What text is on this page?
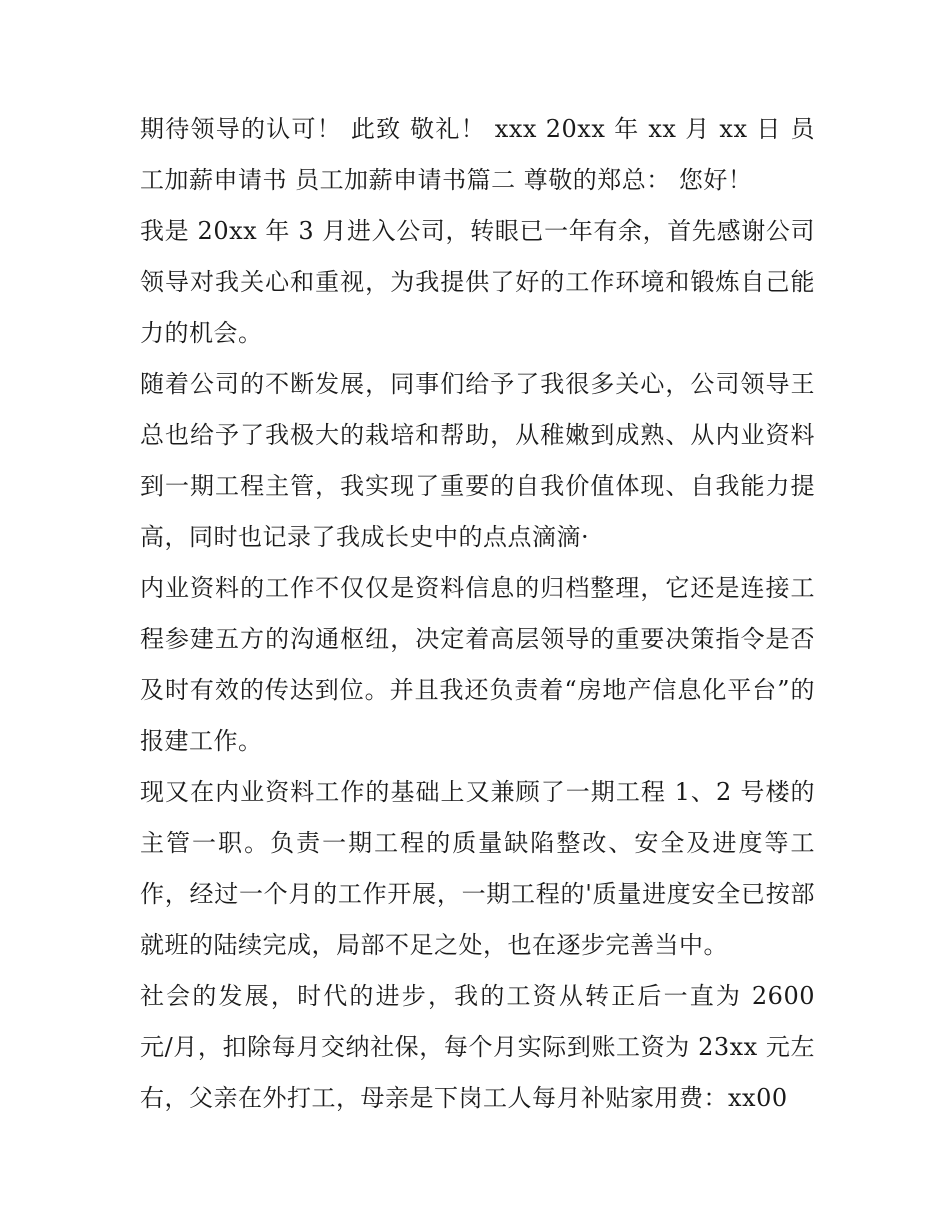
期待领导的认可！ 此致 敬礼！ xxx 20xx 年 xx 月 xx 日 员工加薪申请书 员工加薪申请书篇二 尊敬的郑总： 您好！

我是 20xx 年 3 月进入公司，转眼已一年有余，首先感谢公司领导对我关心和重视，为我提供了好的工作环境和锻炼自己能力的机会。

随着公司的不断发展，同事们给予了我很多关心，公司领导王总也给予了我极大的栽培和帮助，从稚嫩到成熟、从内业资料到一期工程主管，我实现了重要的自我价值体现、自我能力提高，同时也记录了我成长史中的点点滴滴·

内业资料的工作不仅仅是资料信息的归档整理，它还是连接工程参建五方的沟通枢纽，决定着高层领导的重要决策指令是否及时有效的传达到位。并且我还负责着“房地产信息化平台”的报建工作。

现又在内业资料工作的基础上又兼顾了一期工程 1、2 号楼的主管一职。负责一期工程的质量缺陷整改、安全及进度等工作，经过一个月的工作开展，一期工程的'质量进度安全已按部就班的陆续完成，局部不足之处，也在逐步完善当中。

社会的发展，时代的进步，我的工资从转正后一直为 2600 元/月，扣除每月交纳社保，每个月实际到账工资为 23xx 元左右，父亲在外打工，母亲是下岗工人每月补贴家用费：xx00
